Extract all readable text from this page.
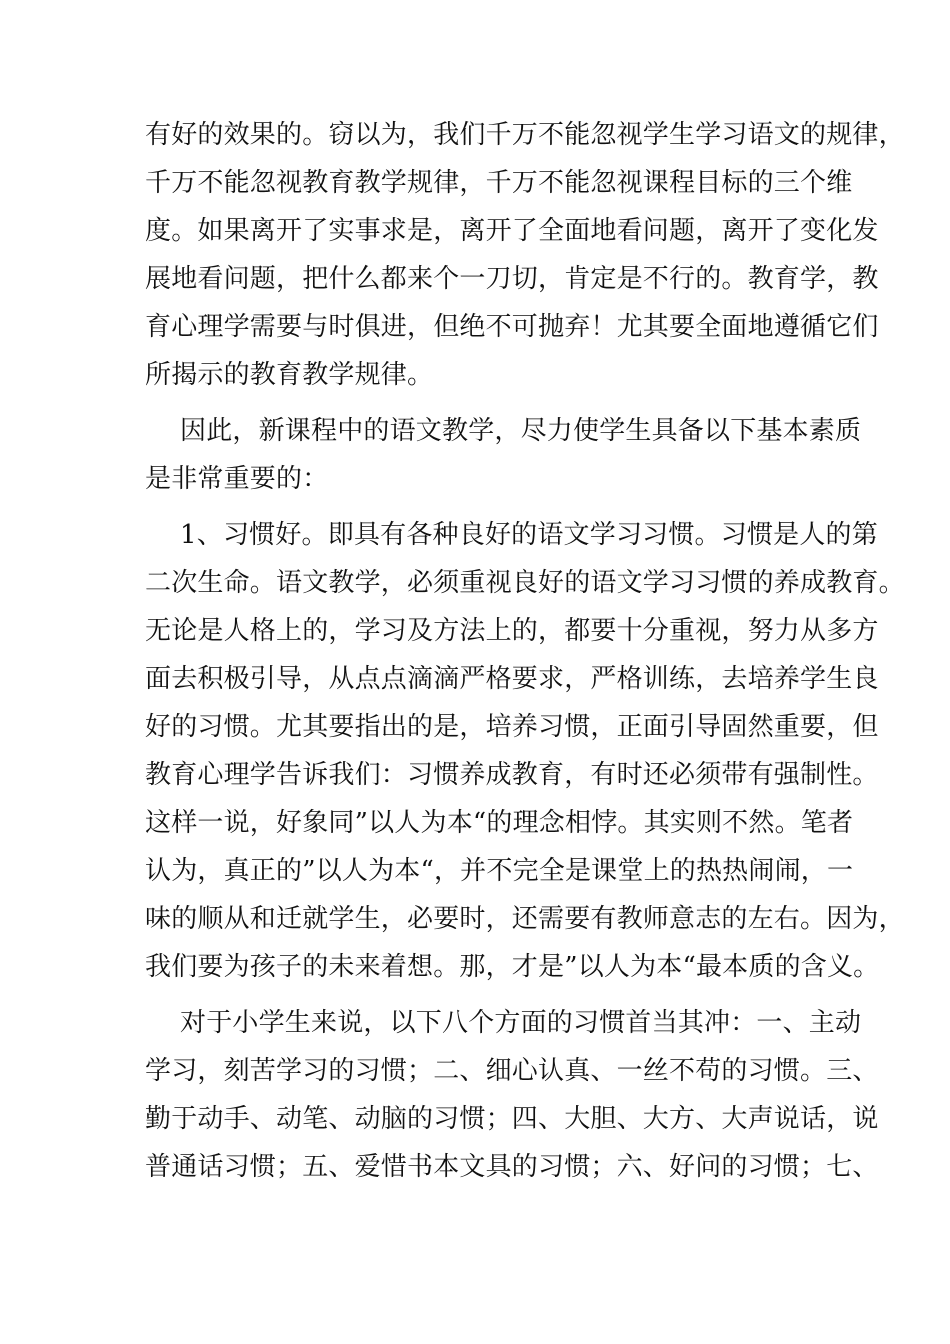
有好的效果的。窃以为，我们千万不能忽视学生学习语文的规律，
千万不能忽视教育教学规律，千万不能忽视课程目标的三个维
度。如果离开了实事求是，离开了全面地看问题，离开了变化发
展地看问题，把什么都来个一刀切，肯定是不行的。教育学，教
育心理学需要与时俱进，但绝不可抛弃！尤其要全面地遵循它们
所揭示的教育教学规律。
因此，新课程中的语文教学，尽力使学生具备以下基本素质
是非常重要的：
1、习惯好。即具有各种良好的语文学习习惯。习惯是人的第
二次生命。语文教学，必须重视良好的语文学习习惯的养成教育。
无论是人格上的，学习及方法上的，都要十分重视，努力从多方
面去积极引导，从点点滴滴严格要求，严格训练，去培养学生良
好的习惯。尤其要指出的是，培养习惯，正面引导固然重要，但
教育心理学告诉我们：习惯养成教育，有时还必须带有强制性。
这样一说，好象同”以人为本“的理念相悖。其实则不然。笔者
认为，真正的”以人为本“，并不完全是课堂上的热热闹闹，一
味的顺从和迁就学生，必要时，还需要有教师意志的左右。因为，
我们要为孩子的未来着想。那，才是”以人为本“最本质的含义。
对于小学生来说，以下八个方面的习惯首当其冲：一、主动
学习，刻苦学习的习惯；二、细心认真、一丝不苟的习惯。三、
勤于动手、动笔、动脑的习惯；四、大胆、大方、大声说话，说
普通话习惯；五、爱惜书本文具的习惯；六、好问的习惯；七、
